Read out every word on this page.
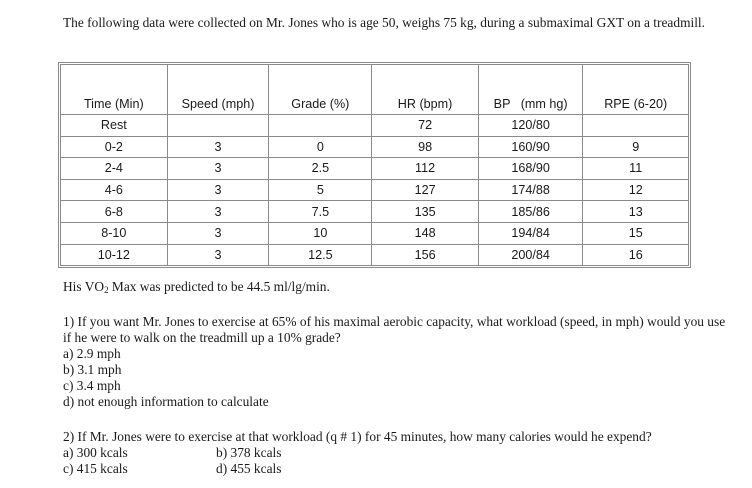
The following data were collected on Mr. Jones who is age 50, weighs 75 kg, during a submaximal GXT on a treadmill.
Time (Min)	Speed (mph)	Grade (%)	HR (bpm)	BP   (mm hg)	RPE (6-20)
Rest			72	120/80	
0-2	3	0	98	160/90	9
2-4	3	2.5	112	168/90	11
4-6	3	5	127	174/88	12
6-8	3	7.5	135	185/86	13
8-10	3	10	148	194/84	15
10-12	3	12.5	156	200/84	16
His $VO_2$ Max was predicted to be 44.5 ml/lg/min.
1) If you want Mr. Jones to exercise at 65% of his maximal aerobic capacity, what workload (speed, in mph) would you use if he were to walk on the treadmill up a 10% grade?
a) 2.9 mph
b) 3.1 mph
c) 3.4 mph
d) not enough information to calculate
2) If Mr. Jones were to exercise at that workload (q # 1) for 45 minutes, how many calories would he expend?
a) 300 kcals	b) 378 kcals
c) 415 kcals	d) 455 kcals
